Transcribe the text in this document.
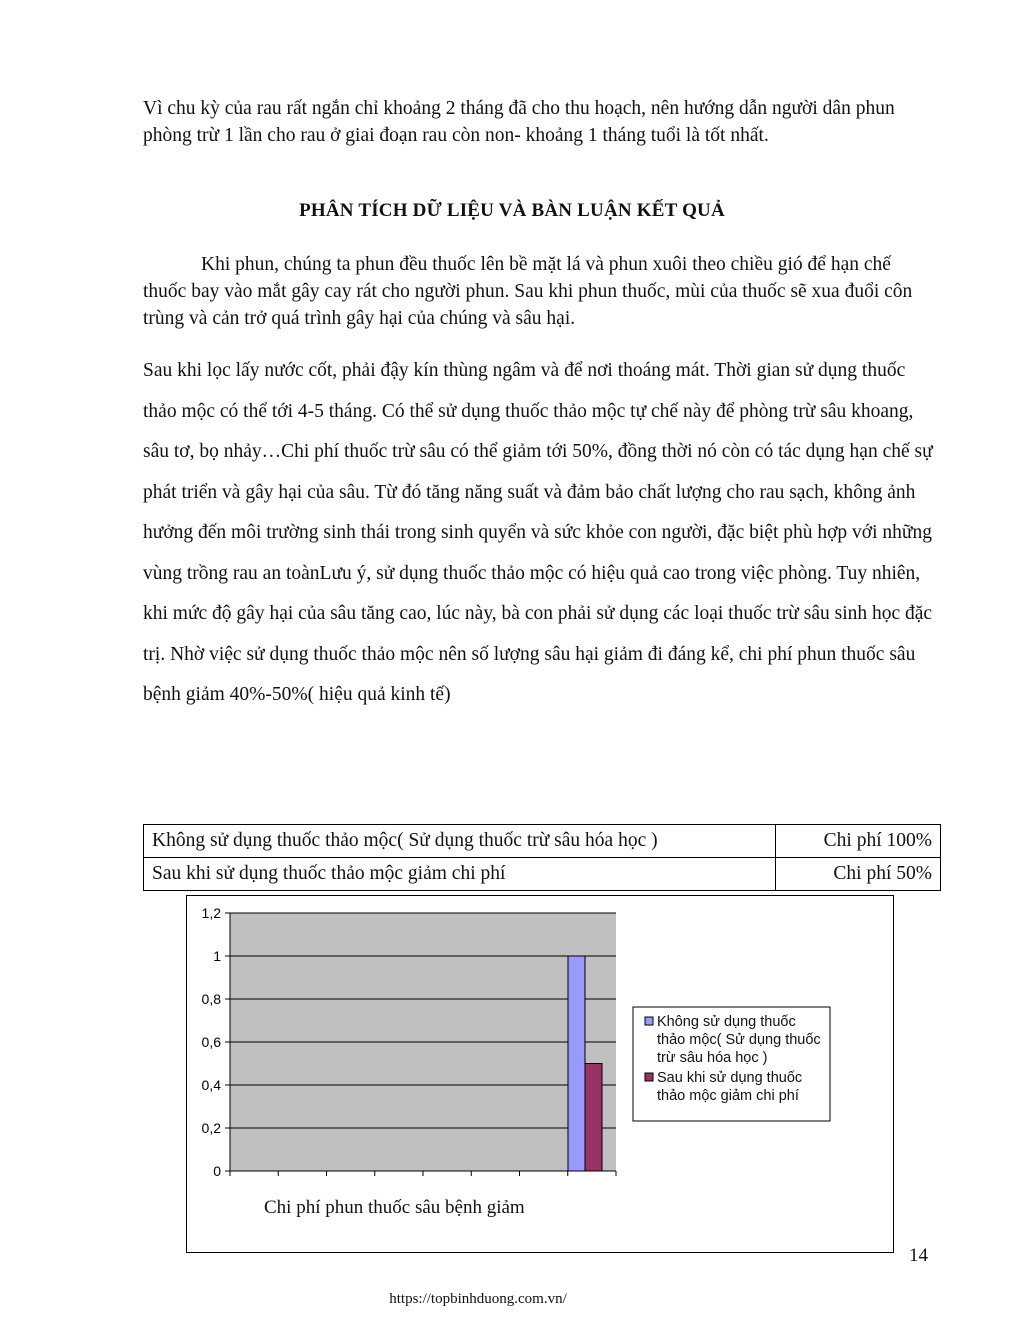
Vì chu kỳ của rau rất ngắn chỉ khoảng 2 tháng đã cho thu hoạch, nên hướng dẫn người dân phun phòng trừ 1 lần cho rau ở giai đoạn rau còn non- khoảng 1 tháng tuổi là tốt nhất.

PHÂN TÍCH DỮ LIỆU VÀ BÀN LUẬN KẾT QUẢ

Khi phun, chúng ta phun đều thuốc lên bề mặt lá và phun xuôi theo chiều gió để hạn chế thuốc bay vào mắt gây cay rát cho người phun. Sau khi phun thuốc, mùi của thuốc sẽ xua đuổi côn trùng và cản trở quá trình gây hại của chúng và sâu hại.

Sau khi lọc lấy nước cốt, phải đậy kín thùng ngâm và để nơi thoáng mát. Thời gian sử dụng thuốc thảo mộc có thể tới 4-5 tháng. Có thể sử dụng thuốc thảo mộc tự chế này để phòng trừ sâu khoang, sâu tơ, bọ nhảy…Chi phí thuốc trừ sâu có thể giảm tới 50%, đồng thời nó còn có tác dụng hạn chế sự phát triển và gây hại của sâu. Từ đó tăng năng suất và đảm bảo chất lượng cho rau sạch, không ảnh hưởng đến môi trường sinh thái trong sinh quyển và sức khỏe con người, đặc biệt phù hợp với những vùng trồng rau an toànLưu ý, sử dụng thuốc thảo mộc có hiệu quả cao trong việc phòng. Tuy nhiên, khi mức độ gây hại của sâu tăng cao, lúc này, bà con phải sử dụng các loại thuốc trừ sâu sinh học đặc trị. Nhờ việc sử dụng thuốc thảo mộc nên số lượng sâu hại giảm đi đáng kể, chi phí phun thuốc sâu bệnh giảm 40%-50%( hiệu quả kinh tế)

Không sử dụng thuốc thảo mộc( Sử dụng thuốc trừ sâu hóa học )	Chi phí 100%
Sau khi sử dụng thuốc thảo mộc giảm chi phí	Chi phí 50%
0
0,2
0,4
0,6
0,8
1
1,2
Chi phí phun thuốc sâu bệnh giảm
Không sử dụng thuốc
thảo mộc( Sử dụng thuốc
trừ sâu hóa học )
Sau khi sử dụng thuốc
thảo mộc giảm chi phí
14
https://topbinhduong.com.vn/
